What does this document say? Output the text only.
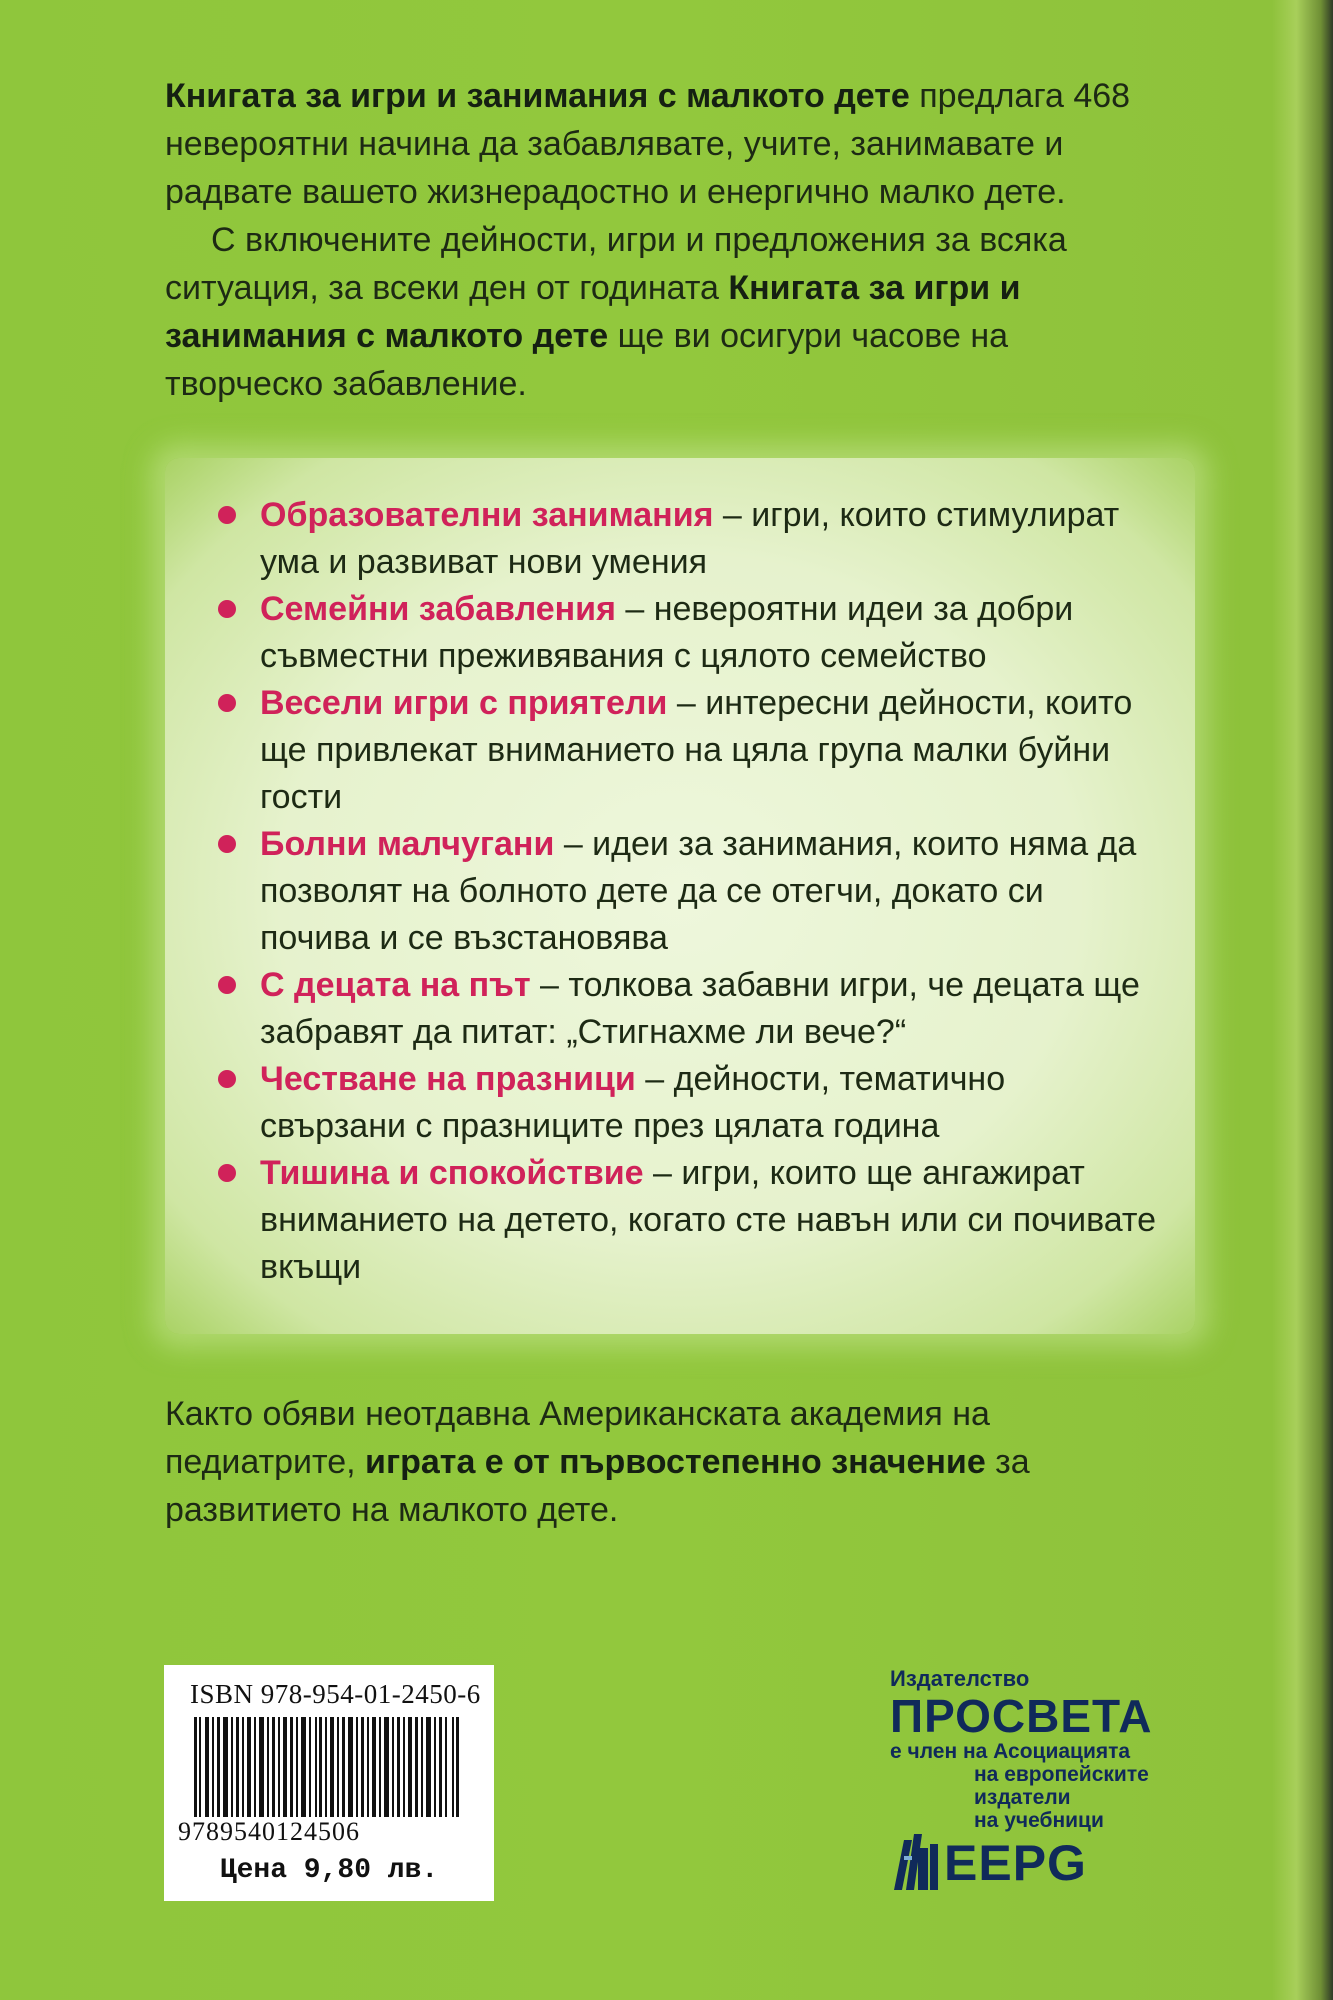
Книгата за игри и занимания с малкото дете предлага 468 невероятни начина да забавлявате, учите, занимавате и радвате вашето жизнерадостно и енергично малко дете.

С включените дейности, игри и предложения за всяка ситуация, за всеки ден от годината Книгата за игри и занимания с малкото дете ще ви осигури часове на творческо забавление.

Образователни занимания – игри, които стимулират ума и развиват нови умения
Семейни забавления – невероятни идеи за добри съвместни преживявания с цялото семейство
Весели игри с приятели – интересни дейности, които ще привлекат вниманието на цяла група малки буйни гости
Болни малчугани – идеи за занимания, които няма да позволят на болното дете да се отегчи, докато си почива и се възстановява
С децата на път – толкова забавни игри, че децата ще забравят да питат: „Стигнахме ли вече?“
Честване на празници – дейности, тематично свързани с празниците през цялата година
Тишина и спокойствие – игри, които ще ангажират вниманието на детето, когато сте навън или си почивате вкъщи

Както обяви неотдавна Американската академия на педиатрите, играта е от първостепенно значение за развитието на малкото дете.

ISBN 978-954-01-2450-6
9789540124506
Цена 9,80 лв.
Издателство
ПРОСВЕТА
е член на Асоциацията
на европейските
издатели
на учебници
EEPG
